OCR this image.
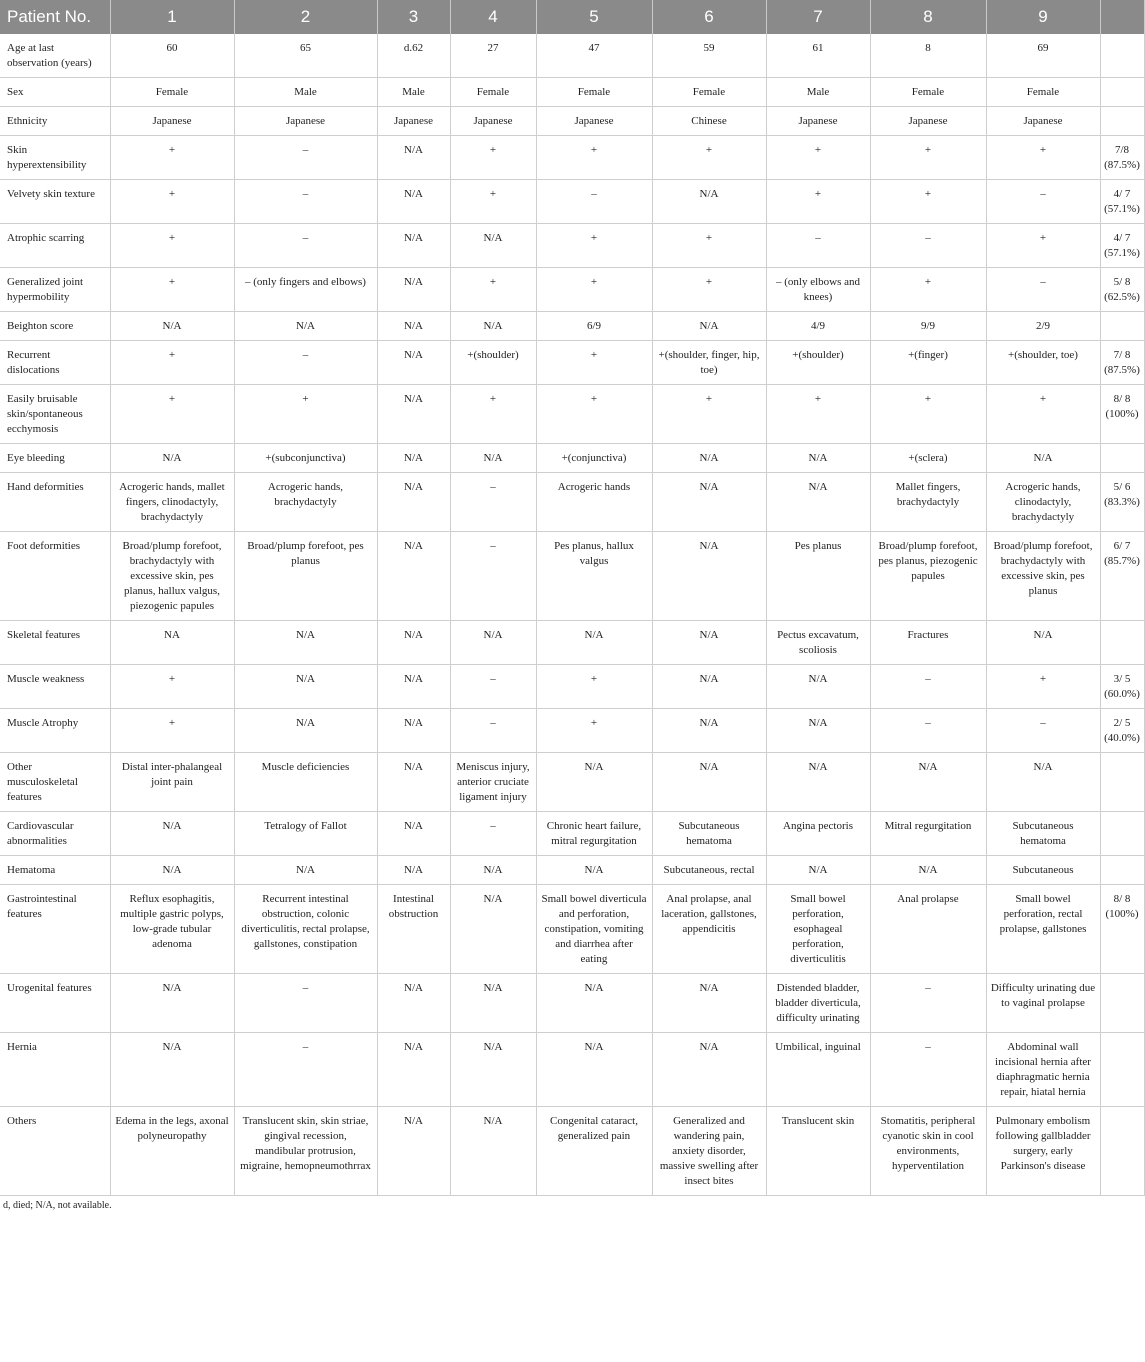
Patient No.	1	2	3	4	5	6	7	8	9	
Age at last observation (years)	60	65	d.62	27	47	59	61	8	69	
Sex	Female	Male	Male	Female	Female	Female	Male	Female	Female	
Ethnicity	Japanese	Japanese	Japanese	Japanese	Japanese	Chinese	Japanese	Japanese	Japanese	
Skin hyperextensibility	+	–	N/A	+	+	+	+	+	+	7/8 (87.5%)
Velvety skin texture	+	–	N/A	+	–	N/A	+	+	–	4/ 7 (57.1%)
Atrophic scarring	+	–	N/A	N/A	+	+	–	–	+	4/ 7 (57.1%)
Generalized joint hypermobility	+	– (only fingers and elbows)	N/A	+	+	+	– (only elbows and knees)	+	–	5/ 8 (62.5%)
Beighton score	N/A	N/A	N/A	N/A	6/9	N/A	4/9	9/9	2/9	
Recurrent dislocations	+	–	N/A	+(shoulder)	+	+(shoulder, finger, hip, toe)	+(shoulder)	+(finger)	+(shoulder, toe)	7/ 8 (87.5%)
Easily bruisable skin/spontaneous ecchymosis	+	+	N/A	+	+	+	+	+	+	8/ 8 (100%)
Eye bleeding	N/A	+(subconjunctiva)	N/A	N/A	+(conjunctiva)	N/A	N/A	+(sclera)	N/A	
Hand deformities	Acrogeric hands, mallet fingers, clinodactyly, brachydactyly	Acrogeric hands, brachydactyly	N/A	–	Acrogeric hands	N/A	N/A	Mallet fingers, brachydactyly	Acrogeric hands, clinodactyly, brachydactyly	5/ 6 (83.3%)
Foot deformities	Broad/plump forefoot, brachydactyly with excessive skin, pes planus, hallux valgus, piezogenic papules	Broad/plump forefoot, pes planus	N/A	–	Pes planus, hallux valgus	N/A	Pes planus	Broad/plump forefoot, pes planus, piezogenic papules	Broad/plump forefoot, brachydactyly with excessive skin, pes planus	6/ 7 (85.7%)
Skeletal features	NA	N/A	N/A	N/A	N/A	N/A	Pectus excavatum, scoliosis	Fractures	N/A	
Muscle weakness	+	N/A	N/A	–	+	N/A	N/A	–	+	3/ 5 (60.0%)
Muscle Atrophy	+	N/A	N/A	–	+	N/A	N/A	–	–	2/ 5 (40.0%)
Other musculoskeletal features	Distal inter-phalangeal joint pain	Muscle deficiencies	N/A	Meniscus injury, anterior cruciate ligament injury	N/A	N/A	N/A	N/A	N/A	
Cardiovascular abnormalities	N/A	Tetralogy of Fallot	N/A	–	Chronic heart failure, mitral regurgitation	Subcutaneous hematoma	Angina pectoris	Mitral regurgitation	Subcutaneous hematoma	
Hematoma	N/A	N/A	N/A	N/A	N/A	Subcutaneous, rectal	N/A	N/A	Subcutaneous	
Gastrointestinal features	Reflux esophagitis, multiple gastric polyps, low-grade tubular adenoma	Recurrent intestinal obstruction, colonic diverticulitis, rectal prolapse, gallstones, constipation	Intestinal obstruction	N/A	Small bowel diverticula and perforation, constipation, vomiting and diarrhea after eating	Anal prolapse, anal laceration, gallstones, appendicitis	Small bowel perforation, esophageal perforation, diverticulitis	Anal prolapse	Small bowel perforation, rectal prolapse, gallstones	8/ 8 (100%)
Urogenital features	N/A	–	N/A	N/A	N/A	N/A	Distended bladder, bladder diverticula, difficulty urinating	–	Difficulty urinating due to vaginal prolapse	
Hernia	N/A	–	N/A	N/A	N/A	N/A	Umbilical, inguinal	–	Abdominal wall incisional hernia after diaphragmatic hernia repair, hiatal hernia	
Others	Edema in the legs, axonal polyneuropathy	Translucent skin, skin striae, gingival recession, mandibular protrusion, migraine, hemopneumothrrax	N/A	N/A	Congenital cataract, generalized pain	Generalized and wandering pain, anxiety disorder, massive swelling after insect bites	Translucent skin	Stomatitis, peripheral cyanotic skin in cool environments, hyperventilation	Pulmonary embolism following gallbladder surgery, early Parkinson's disease	
d, died; N/A, not available.
